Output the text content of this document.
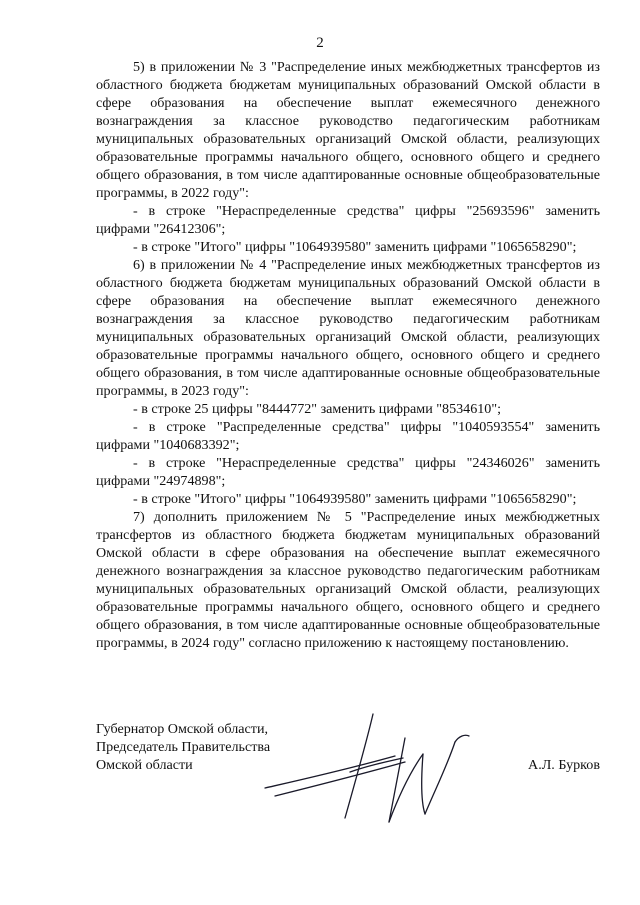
2

5) в приложении № 3 "Распределение иных межбюджетных трансфертов из областного бюджета бюджетам муниципальных образований Омской области в сфере образования на обеспечение выплат ежемесячного денежного вознаграждения за классное руководство педагогическим работникам муниципальных образовательных организаций Омской области, реализующих образовательные программы начального общего, основного общего и среднего общего образования, в том числе адаптированные основные общеобразовательные программы, в 2022 году":

- в строке "Нераспределенные средства" цифры "25693596" заменить цифрами "26412306";

- в строке "Итого" цифры "1064939580" заменить цифрами "1065658290";

6) в приложении № 4 "Распределение иных межбюджетных трансфертов из областного бюджета бюджетам муниципальных образований Омской области в сфере образования на обеспечение выплат ежемесячного денежного вознаграждения за классное руководство педагогическим работникам муниципальных образовательных организаций Омской области, реализующих образовательные программы начального общего, основного общего и среднего общего образования, в том числе адаптированные основные общеобразовательные программы, в 2023 году":

- в строке 25 цифры "8444772" заменить цифрами "8534610";

- в строке "Распределенные средства" цифры "1040593554" заменить цифрами "1040683392";

- в строке "Нераспределенные средства" цифры "24346026" заменить цифрами "24974898";

- в строке "Итого" цифры "1064939580" заменить цифрами "1065658290";

7) дополнить приложением № 5 "Распределение иных межбюджетных трансфертов из областного бюджета бюджетам муниципальных образований Омской области в сфере образования на обеспечение выплат ежемесячного денежного вознаграждения за классное руководство педагогическим работникам муниципальных образовательных организаций Омской области, реализующих образовательные программы начального общего, основного общего и среднего общего образования, в том числе адаптированные основные общеобразовательные программы, в 2024 году" согласно приложению к настоящему постановлению.

Губернатор Омской области,
Председатель Правительства
Омской области	А.Л. Бурков
